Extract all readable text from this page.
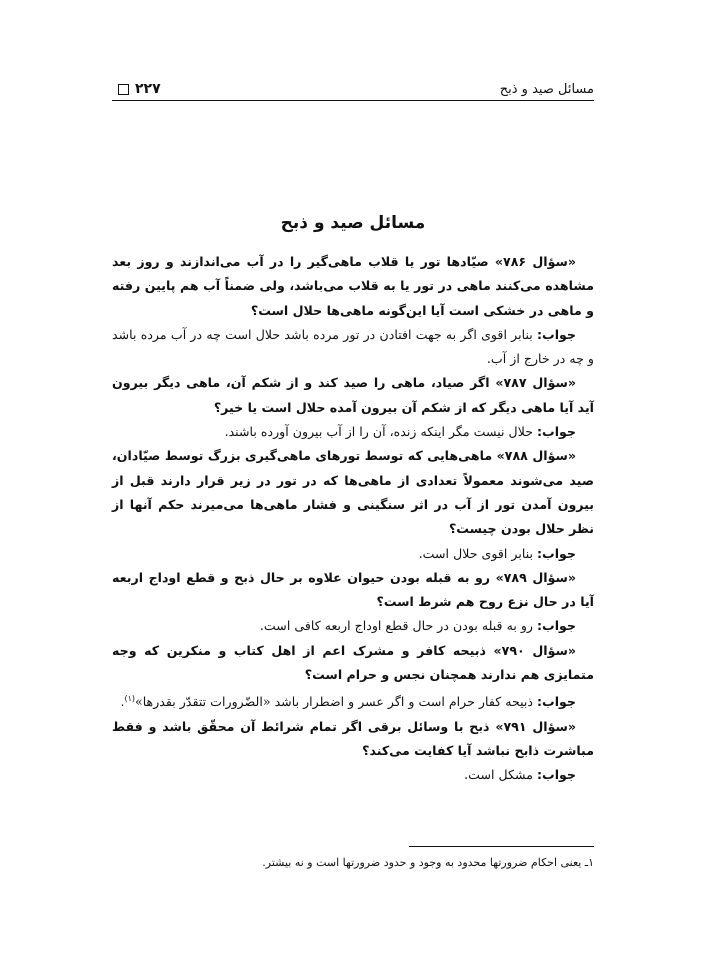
۲۲۷	مسائل صید و ذبح
مسائل صید و ذبح

«سؤال ۷۸۶» صیّادها تور یا قلاب ماهی‌گیر را در آب می‌اندازند و روز بعد مشاهده می‌کنند ماهی در تور یا به قلاب می‌باشد، ولی ضمناً آب هم پایین رفته و ماهی در خشکی است آیا این‌گونه ماهی‌ها حلال است؟

جواب: بنابر اقوی اگر به جهت افتادن در تور مرده باشد حلال است چه در آب مرده باشد و چه در خارج از آب.

«سؤال ۷۸۷» اگر صیاد، ماهی را صید کند و از شکم آن، ماهی دیگر بیرون آید آیا ماهی دیگر که از شکم آن بیرون آمده حلال است یا خیر؟

جواب: حلال نیست مگر اینکه زنده، آن را از آب بیرون آورده باشند.

«سؤال ۷۸۸» ماهی‌هایی که توسط تورهای ماهی‌گیری بزرگ توسط صیّادان، صید می‌شوند معمولاً تعدادی از ماهی‌ها که در تور در زیر قرار دارند قبل از بیرون آمدن تور از آب در اثر سنگینی و فشار ماهی‌ها می‌میرند حکم آنها از نظر حلال بودن چیست؟

جواب: بنابر اقوی حلال است.

«سؤال ۷۸۹» رو به قبله بودن حیوان علاوه بر حال ذبح و قطع اوداج اربعه آیا در حال نزع روح هم شرط است؟

جواب: رو به قبله بودن در حال قطع اوداج اربعه کافی است.

«سؤال ۷۹۰» ذبیحه کافر و مشرک اعم از اهل کتاب و منکرین که وجه متمایزی هم ندارند همچنان نجس و حرام است؟

جواب: ذبیحه کفار حرام است و اگر عسر و اضطرار باشد «الضّرورات تتقدّر بقدرها»$^{(۱)}$.

«سؤال ۷۹۱» ذبح با وسائل برقی اگر تمام شرائط آن محقّق باشد و فقط مباشرت ذابح نباشد آیا کفایت می‌کند؟

جواب: مشکل است.

۱ـ یعنی احکام ضرورتها محدود به وجود و حدود ضرورتها است و نه بیشتر.
